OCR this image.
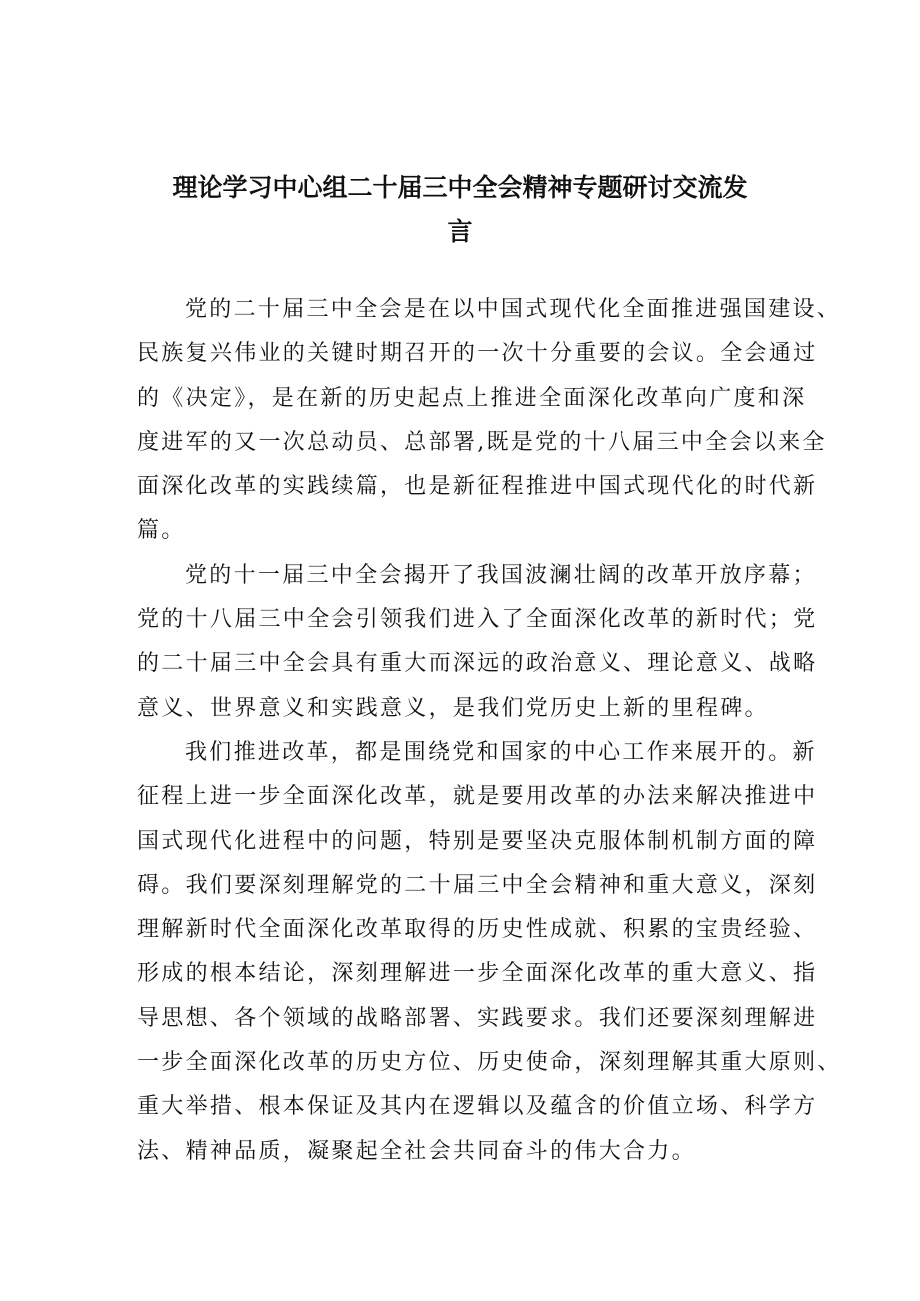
理论学习中心组二十届三中全会精神专题研讨交流发
言
党的二十届三中全会是在以中国式现代化全面推进强国建设、
民族复兴伟业的关键时期召开的一次十分重要的会议。全会通过
的《决定》，是在新的历史起点上推进全面深化改革向广度和深
度进军的又一次总动员、总部署,既是党的十八届三中全会以来全
面深化改革的实践续篇，也是新征程推进中国式现代化的时代新
篇。
党的十一届三中全会揭开了我国波澜壮阔的改革开放序幕；
党的十八届三中全会引领我们进入了全面深化改革的新时代；党
的二十届三中全会具有重大而深远的政治意义、理论意义、战略
意义、世界意义和实践意义，是我们党历史上新的里程碑。
我们推进改革，都是围绕党和国家的中心工作来展开的。新
征程上进一步全面深化改革，就是要用改革的办法来解决推进中
国式现代化进程中的问题，特别是要坚决克服体制机制方面的障
碍。我们要深刻理解党的二十届三中全会精神和重大意义，深刻
理解新时代全面深化改革取得的历史性成就、积累的宝贵经验、
形成的根本结论，深刻理解进一步全面深化改革的重大意义、指
导思想、各个领域的战略部署、实践要求。我们还要深刻理解进
一步全面深化改革的历史方位、历史使命，深刻理解其重大原则、
重大举措、根本保证及其内在逻辑以及蕴含的价值立场、科学方
法、精神品质，凝聚起全社会共同奋斗的伟大合力。
